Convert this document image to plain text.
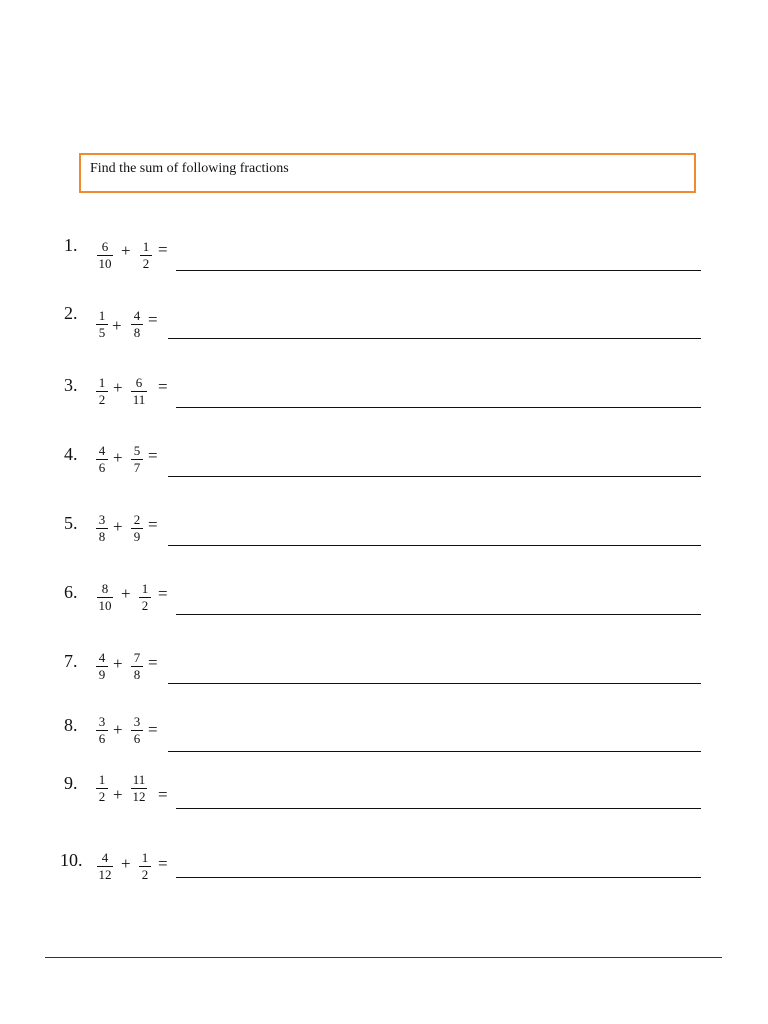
Find the sum of following fractions
1.	6
10
+ 1
2
=
2.	1
5 +
4
8
=
3.	1
2
+	6
11
=
4.	4
6
+ 5
7
=
5.	3
8
+ 2
9
=
6.	8
10
+ 1
2
=
7.	4
9
+ 7
8
=
8.	3
6 + 3
6 =
9.	1
2 +
11
12 =
10.	4
12
+ 1
2
=
